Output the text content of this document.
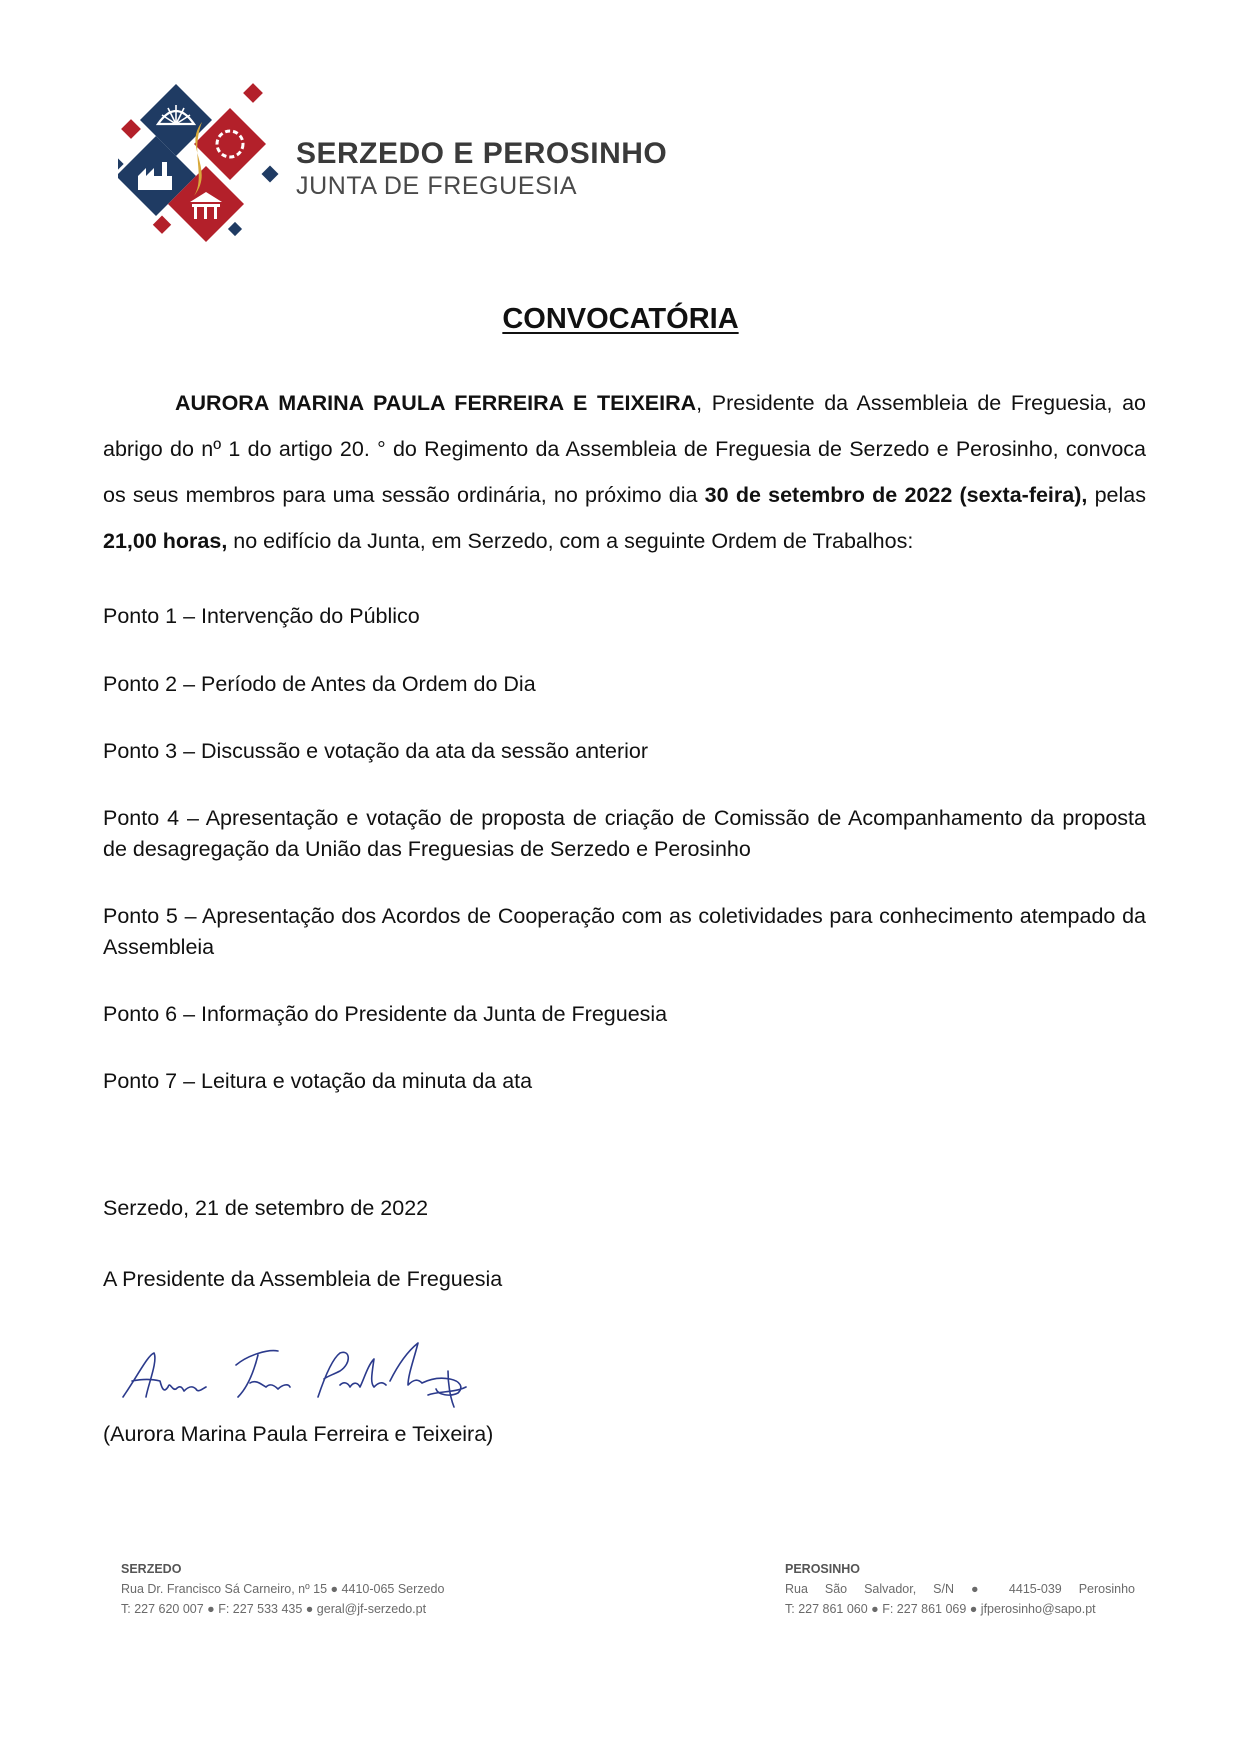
SERZEDO E PEROSINHO
JUNTA DE FREGUESIA
CONVOCATÓRIA

AURORA MARINA PAULA FERREIRA E TEIXEIRA, Presidente da Assembleia de Freguesia, ao abrigo do nº 1 do artigo 20. ° do Regimento da Assembleia de Freguesia de Serzedo e Perosinho, convoca os seus membros para uma sessão ordinária, no próximo dia 30 de setembro de 2022 (sexta-feira), pelas 21,00 horas, no edifício da Junta, em Serzedo, com a seguinte Ordem de Trabalhos:

Ponto 1 – Intervenção do Público
Ponto 2 – Período de Antes da Ordem do Dia
Ponto 3 – Discussão e votação da ata da sessão anterior
Ponto 4 – Apresentação e votação de proposta de criação de Comissão de Acompanhamento da proposta de desagregação da União das Freguesias de Serzedo e Perosinho
Ponto 5 – Apresentação dos Acordos de Cooperação com as coletividades para conhecimento atempado da Assembleia
Ponto 6 – Informação do Presidente da Junta de Freguesia
Ponto 7 – Leitura e votação da minuta da ata
Serzedo, 21 de setembro de 2022
A Presidente da Assembleia de Freguesia
(Aurora Marina Paula Ferreira e Teixeira)
SERZEDO
Rua Dr. Francisco Sá Carneiro, nº 15 ● 4410-065 Serzedo
T: 227 620 007 ● F: 227 533 435 ● geral@jf-serzedo.pt
PEROSINHO
Rua São Salvador, S/N ● 4415-039 Perosinho
T: 227 861 060 ● F: 227 861 069 ● jfperosinho@sapo.pt
